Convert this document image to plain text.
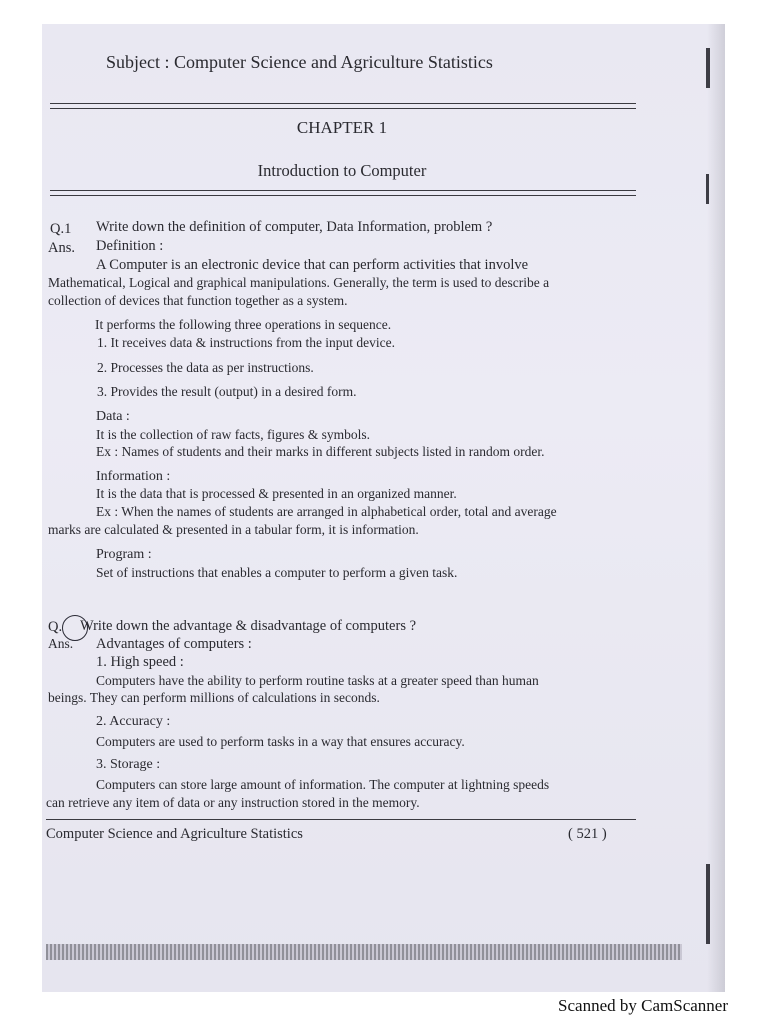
Subject : Computer Science and Agriculture Statistics
CHAPTER 1
Introduction to Computer
Q.1 Write down the definition of computer, Data Information, problem ?
Ans. Definition :
A Computer is an electronic device that can perform activities that involve
Mathematical, Logical and graphical manipulations. Generally, the term is used to describe a
collection of devices that function together as a system.
It performs the following three operations in sequence.
1. It receives data & instructions from the input device.
2. Processes the data as per instructions.
3. Provides the result (output) in a desired form.
Data :
It is the collection of raw facts, figures & symbols.
Ex : Names of students and their marks in different subjects listed in random order.
Information :
It is the data that is processed & presented in an organized manner.
Ex : When the names of students are arranged in alphabetical order, total and average
marks are calculated & presented in a tabular form, it is information.
Program :
Set of instructions that enables a computer to perform a given task.
Q. Write down the advantage & disadvantage of computers ?
Ans. Advantages of computers :
1. High speed :
Computers have the ability to perform routine tasks at a greater speed than human
beings. They can perform millions of calculations in seconds.
2. Accuracy :
Computers are used to perform tasks in a way that ensures accuracy.
3. Storage :
Computers can store large amount of information. The computer at lightning speeds
can retrieve any item of data or any instruction stored in the memory.
Computer Science and Agriculture Statistics	( 521 )
Scanned by CamScanner
